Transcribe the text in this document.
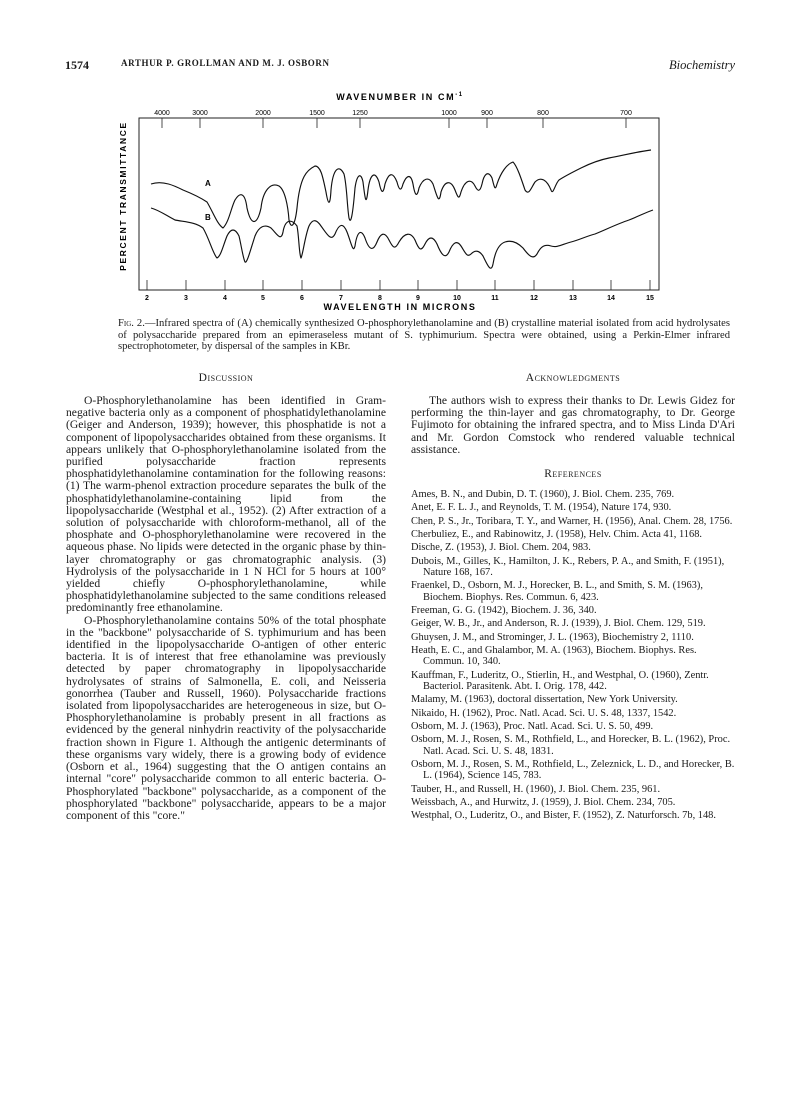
1574	ARTHUR P. GROLLMAN AND M. J. OSBORN	Biochemistry
WAVENUMBER IN $CM^{-1}$
4000	3000	2000	1500	1250	1000	900	800	700
2	3	4	5	6	7	8	9	10	11	12	13	14	15
WAVELENGTH IN MICRONS
PERCENT TRANSMITTANCE	A
B
Fig. 2.—Infrared spectra of (A) chemically synthesized O-phosphorylethanolamine and (B) crystalline material isolated from acid hydrolysates of polysaccharide prepared from an epimeraseless mutant of S. typhimurium. Spectra were obtained, using a Perkin-Elmer infrared spectrophotometer, by dispersal of the samples in KBr.
Discussion

O-Phosphorylethanolamine has been identified in Gram-negative bacteria only as a component of phosphatidylethanolamine (Geiger and Anderson, 1939); however, this phosphatide is not a component of lipopolysaccharides obtained from these organisms. It appears unlikely that O-phosphorylethanolamine isolated from the purified polysaccharide fraction represents phosphatidylethanolamine contamination for the following reasons: (1) The warm-phenol extraction procedure separates the bulk of the phosphatidylethanolamine-containing lipid from the lipopolysaccharide (Westphal et al., 1952). (2) After extraction of a solution of polysaccharide with chloroform-methanol, all of the phosphate and O-phosphorylethanolamine were recovered in the aqueous phase. No lipids were detected in the organic phase by thin-layer chromatography or gas chromatographic analysis. (3) Hydrolysis of the polysaccharide in 1 N HCl for 5 hours at 100° yielded chiefly O-phosphorylethanolamine, while phosphatidylethanolamine subjected to the same conditions released predominantly free ethanolamine.

O-Phosphorylethanolamine contains 50% of the total phosphate in the "backbone" polysaccharide of S. typhimurium and has been identified in the lipopolysaccharide O-antigen of other enteric bacteria. It is of interest that free ethanolamine was previously detected by paper chromatography in lipopolysaccharide hydrolysates of strains of Salmonella, E. coli, and Neisseria gonorrhea (Tauber and Russell, 1960). Polysaccharide fractions isolated from lipopolysaccharides are heterogeneous in size, but O-Phosphorylethanolamine is probably present in all fractions as evidenced by the general ninhydrin reactivity of the polysaccharide fraction shown in Figure 1. Although the antigenic determinants of these organisms vary widely, there is a growing body of evidence (Osborn et al., 1964) suggesting that the O antigen contains an internal "core" polysaccharide common to all enteric bacteria. O-Phosphorylated "backbone" polysaccharide, as a component of the phosphorylated "backbone" polysaccharide, appears to be a major component of this "core."

Acknowledgments

The authors wish to express their thanks to Dr. Lewis Gidez for performing the thin-layer and gas chromatography, to Dr. George Fujimoto for obtaining the infrared spectra, and to Miss Linda D'Ari and Mr. Gordon Comstock who rendered valuable technical assistance.

References
Ames, B. N., and Dubin, D. T. (1960), J. Biol. Chem. 235, 769.
Anet, E. F. L. J., and Reynolds, T. M. (1954), Nature 174, 930.
Chen, P. S., Jr., Toribara, T. Y., and Warner, H. (1956), Anal. Chem. 28, 1756.
Cherbuliez, E., and Rabinowitz, J. (1958), Helv. Chim. Acta 41, 1168.
Dische, Z. (1953), J. Biol. Chem. 204, 983.
Dubois, M., Gilles, K., Hamilton, J. K., Rebers, P. A., and Smith, F. (1951), Nature 168, 167.
Fraenkel, D., Osborn, M. J., Horecker, B. L., and Smith, S. M. (1963), Biochem. Biophys. Res. Commun. 6, 423.
Freeman, G. G. (1942), Biochem. J. 36, 340.
Geiger, W. B., Jr., and Anderson, R. J. (1939), J. Biol. Chem. 129, 519.
Ghuysen, J. M., and Strominger, J. L. (1963), Biochemistry 2, 1110.
Heath, E. C., and Ghalambor, M. A. (1963), Biochem. Biophys. Res. Commun. 10, 340.
Kauffman, F., Luderitz, O., Stierlin, H., and Westphal, O. (1960), Zentr. Bacteriol. Parasitenk. Abt. I. Orig. 178, 442.
Malamy, M. (1963), doctoral dissertation, New York University.
Nikaido, H. (1962), Proc. Natl. Acad. Sci. U. S. 48, 1337, 1542.
Osborn, M. J. (1963), Proc. Natl. Acad. Sci. U. S. 50, 499.
Osborn, M. J., Rosen, S. M., Rothfield, L., and Horecker, B. L. (1962), Proc. Natl. Acad. Sci. U. S. 48, 1831.
Osborn, M. J., Rosen, S. M., Rothfield, L., Zeleznick, L. D., and Horecker, B. L. (1964), Science 145, 783.
Tauber, H., and Russell, H. (1960), J. Biol. Chem. 235, 961.
Weissbach, A., and Hurwitz, J. (1959), J. Biol. Chem. 234, 705.
Westphal, O., Luderitz, O., and Bister, F. (1952), Z. Naturforsch. 7b, 148.
